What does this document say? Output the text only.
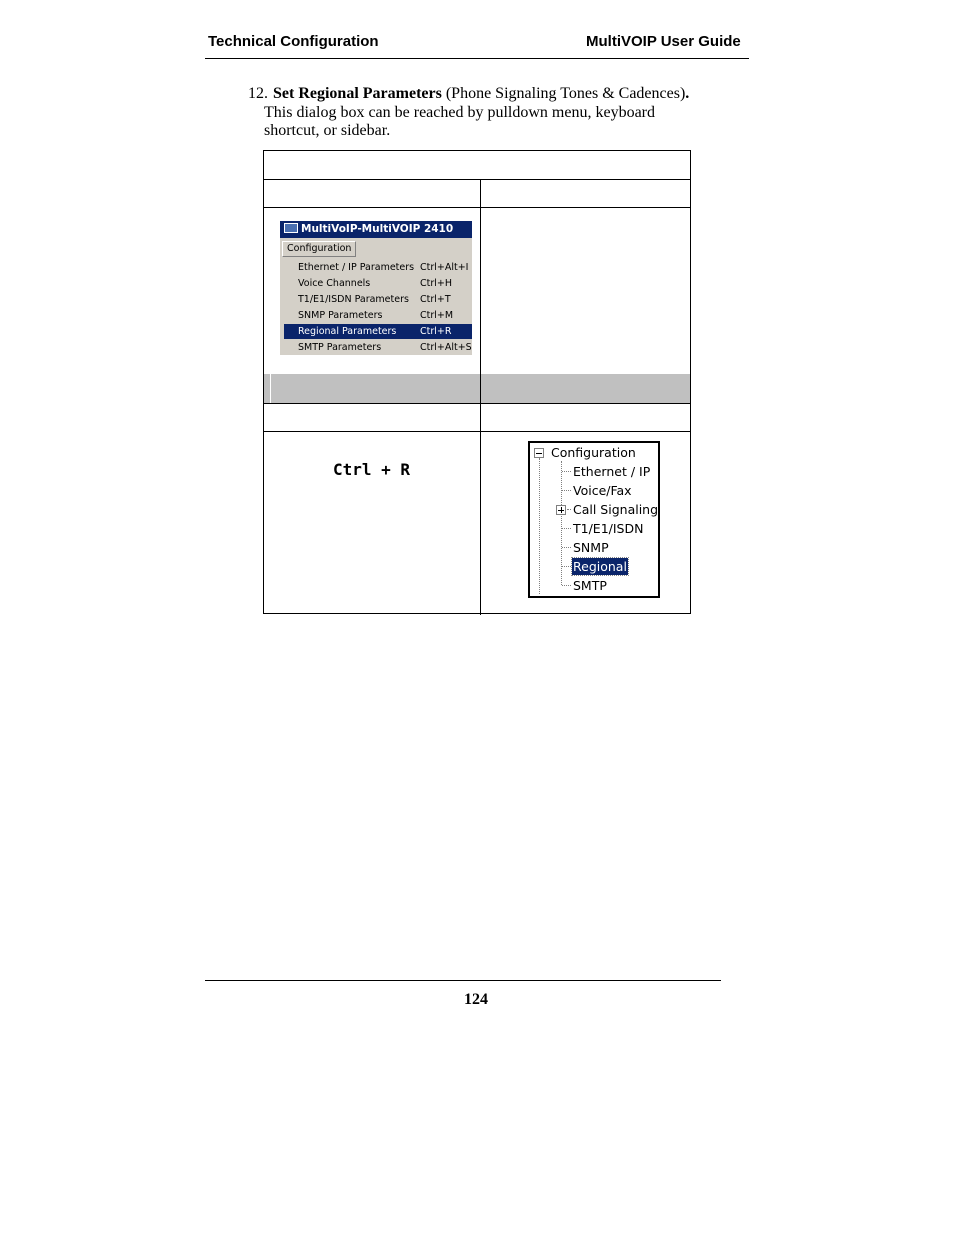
Technical Configuration	MultiVOIP User Guide
12. Set Regional Parameters (Phone Signaling Tones & Cadences).
This dialog box can be reached by pulldown menu, keyboard
shortcut, or sidebar.
MultiVoIP-MultiVOIP 2410
Configuration
Ethernet / IP Parameters Ctrl+Alt+I
Voice Channels	Ctrl+H
T1/E1/ISDN Parameters Ctrl+T
SNMP Parameters	Ctrl+M
Regional Parameters Ctrl+R
SMTP Parameters	Ctrl+Alt+S
Ctrl + R
Configuration
Ethernet / IP
Voice/Fax
Call Signaling
T1/E1/ISDN
SNMP
Regional
SMTP
124
